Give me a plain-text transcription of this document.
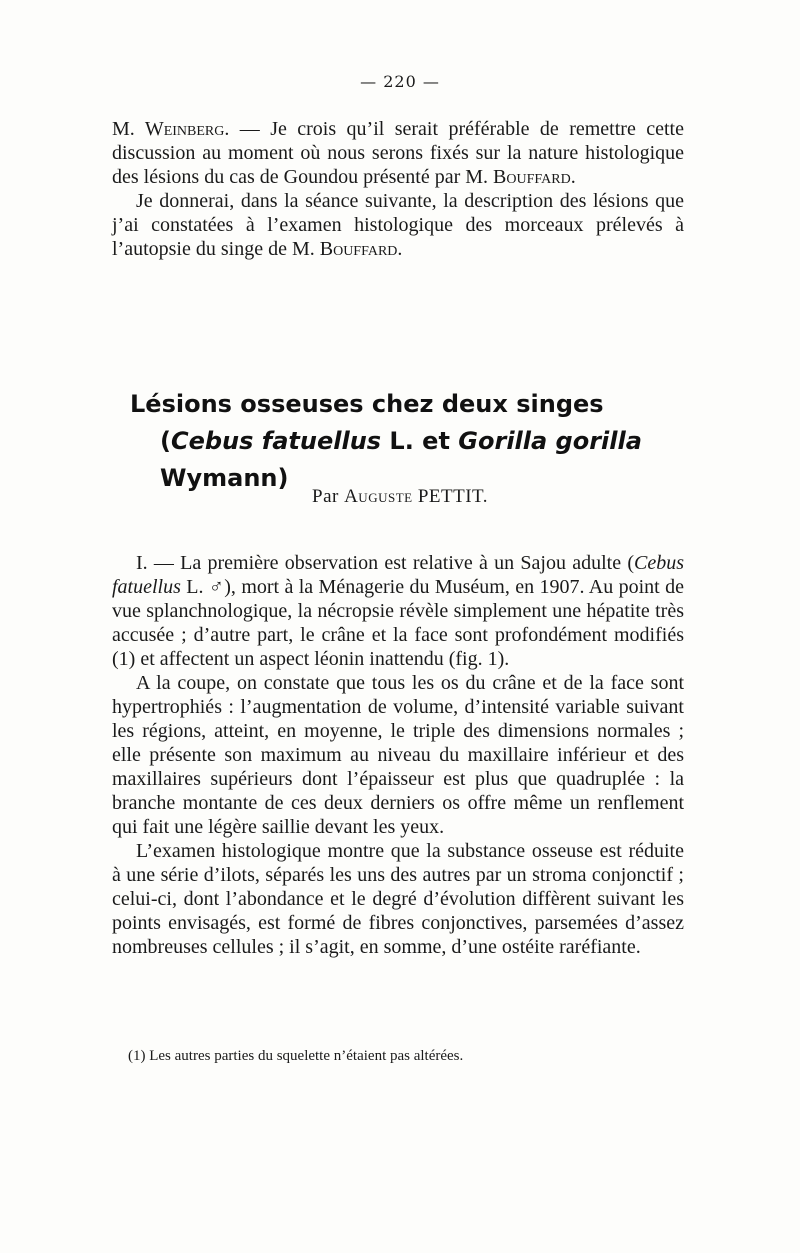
— 220 —

M. Weinberg. — Je crois qu’il serait préférable de remettre cette discussion au moment où nous serons fixés sur la nature histologique des lésions du cas de Goundou présenté par M. Bouffard.

Je donnerai, dans la séance suivante, la description des lésions que j’ai constatées à l’examen histologique des morceaux prélevés à l’autopsie du singe de M. Bouffard.

Lésions osseuses chez deux singes
(Cebus fatuellus L. et Gorilla gorilla Wymann)
Par Auguste PETTIT.

I. — La première observation est relative à un Sajou adulte (Cebus fatuellus L. ♂), mort à la Ménagerie du Muséum, en 1907. Au point de vue splanchnologique, la nécropsie révèle simplement une hépatite très accusée ; d’autre part, le crâne et la face sont profondément modifiés (1) et affectent un aspect léonin inattendu (fig. 1).

A la coupe, on constate que tous les os du crâne et de la face sont hypertrophiés : l’augmentation de volume, d’intensité variable suivant les régions, atteint, en moyenne, le triple des dimensions normales ; elle présente son maximum au niveau du maxillaire inférieur et des maxillaires supérieurs dont l’épaisseur est plus que quadruplée : la branche montante de ces deux derniers os offre même un renflement qui fait une légère saillie devant les yeux.

L’examen histologique montre que la substance osseuse est réduite à une série d’ilots, séparés les uns des autres par un stroma conjonctif ; celui-ci, dont l’abondance et le degré d’évolution diffèrent suivant les points envisagés, est formé de fibres conjonctives, parsemées d’assez nombreuses cellules ; il s’agit, en somme, d’une ostéite raréfiante.

(1) Les autres parties du squelette n’étaient pas altérées.
